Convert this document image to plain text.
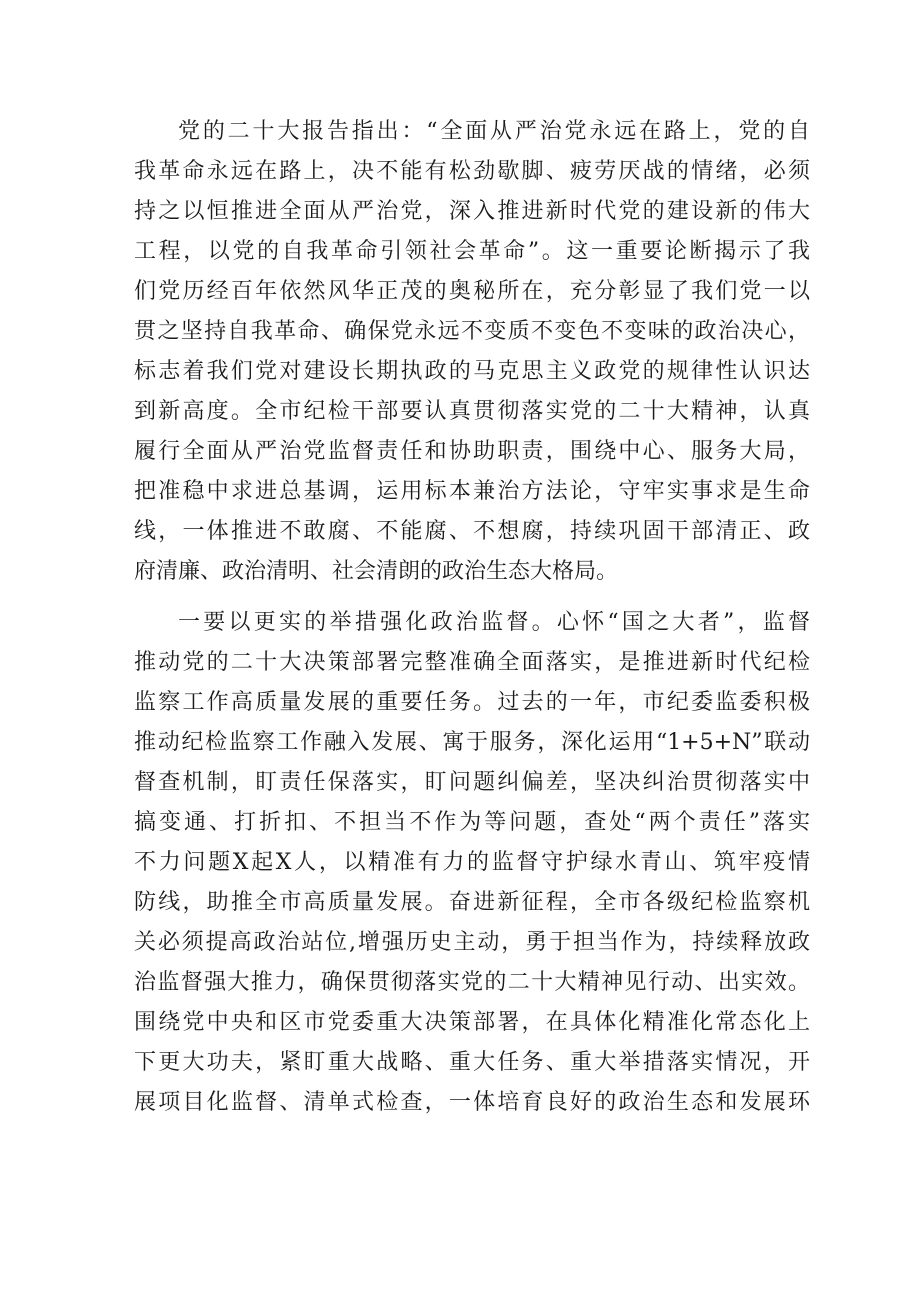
党的二十大报告指出：“全面从严治党永远在路上，党的自
我革命永远在路上，决不能有松劲歇脚、疲劳厌战的情绪，必须
持之以恒推进全面从严治党，深入推进新时代党的建设新的伟大
工程，以党的自我革命引领社会革命”。这一重要论断揭示了我
们党历经百年依然风华正茂的奥秘所在，充分彰显了我们党一以
贯之坚持自我革命、确保党永远不变质不变色不变味的政治决心，
标志着我们党对建设长期执政的马克思主义政党的规律性认识达
到新高度。全市纪检干部要认真贯彻落实党的二十大精神，认真
履行全面从严治党监督责任和协助职责，围绕中心、服务大局，
把准稳中求进总基调，运用标本兼治方法论，守牢实事求是生命
线，一体推进不敢腐、不能腐、不想腐，持续巩固干部清正、政
府清廉、政治清明、社会清朗的政治生态大格局。
一要以更实的举措强化政治监督。心怀“国之大者”，监督
推动党的二十大决策部署完整准确全面落实，是推进新时代纪检
监察工作高质量发展的重要任务。过去的一年，市纪委监委积极
推动纪检监察工作融入发展、寓于服务，深化运用“1+5+N”联动
督查机制，盯责任保落实，盯问题纠偏差，坚决纠治贯彻落实中
搞变通、打折扣、不担当不作为等问题，查处“两个责任”落实
不力问题X起X人，以精准有力的监督守护绿水青山、筑牢疫情
防线，助推全市高质量发展。奋进新征程，全市各级纪检监察机
关必须提高政治站位,增强历史主动，勇于担当作为，持续释放政
治监督强大推力，确保贯彻落实党的二十大精神见行动、出实效。
围绕党中央和区市党委重大决策部署，在具体化精准化常态化上
下更大功夫，紧盯重大战略、重大任务、重大举措落实情况，开
展项目化监督、清单式检查，一体培育良好的政治生态和发展环
